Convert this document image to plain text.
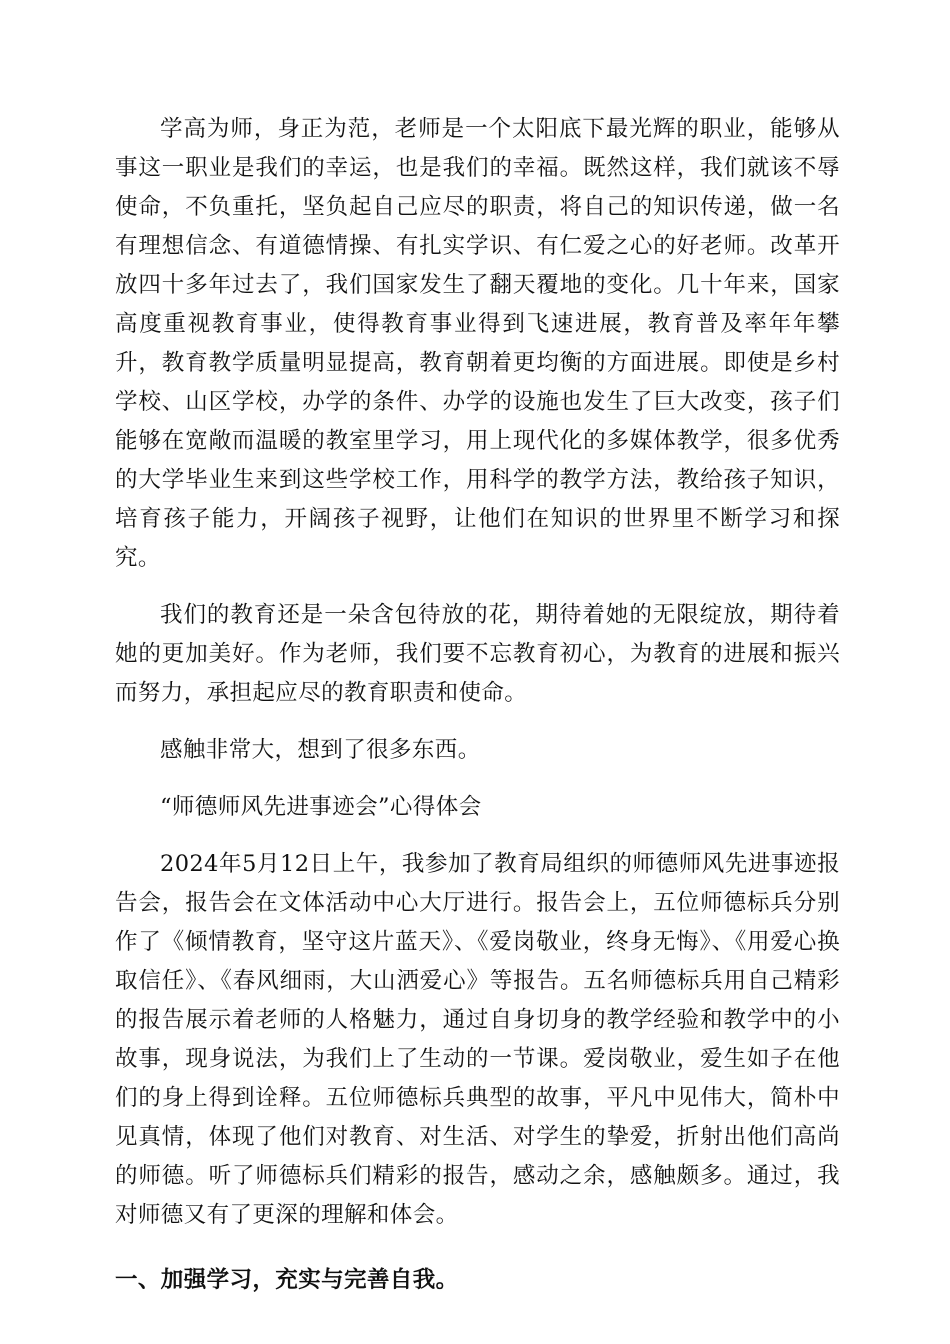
学高为师，身正为范，老师是一个太阳底下最光辉的职业，能够从事这一职业是我们的幸运，也是我们的幸福。既然这样，我们就该不辱使命，不负重托，坚负起自己应尽的职责，将自己的知识传递，做一名有理想信念、有道德情操、有扎实学识、有仁爱之心的好老师。改革开放四十多年过去了，我们国家发生了翻天覆地的变化。几十年来，国家高度重视教育事业，使得教育事业得到飞速进展，教育普及率年年攀升，教育教学质量明显提高，教育朝着更均衡的方面进展。即使是乡村学校、山区学校，办学的条件、办学的设施也发生了巨大改变，孩子们能够在宽敞而温暖的教室里学习，用上现代化的多媒体教学，很多优秀的大学毕业生来到这些学校工作，用科学的教学方法，教给孩子知识，培育孩子能力，开阔孩子视野，让他们在知识的世界里不断学习和探究。

我们的教育还是一朵含包待放的花，期待着她的无限绽放，期待着她的更加美好。作为老师，我们要不忘教育初心，为教育的进展和振兴而努力，承担起应尽的教育职责和使命。

感触非常大，想到了很多东西。

“师德师风先进事迹会”心得体会

2024年5月12日上午，我参加了教育局组织的师德师风先进事迹报告会，报告会在文体活动中心大厅进行。报告会上，五位师德标兵分别作了《倾情教育，坚守这片蓝天》、《爱岗敬业，终身无悔》、《用爱心换取信任》、《春风细雨，大山洒爱心》等报告。五名师德标兵用自己精彩的报告展示着老师的人格魅力，通过自身切身的教学经验和教学中的小故事，现身说法，为我们上了生动的一节课。爱岗敬业，爱生如子在他们的身上得到诠释。五位师德标兵典型的故事，平凡中见伟大，简朴中见真情，体现了他们对教育、对生活、对学生的挚爱，折射出他们高尚的师德。听了师德标兵们精彩的报告，感动之余，感触颇多。通过，我对师德又有了更深的理解和体会。

一、加强学习，充实与完善自我。
